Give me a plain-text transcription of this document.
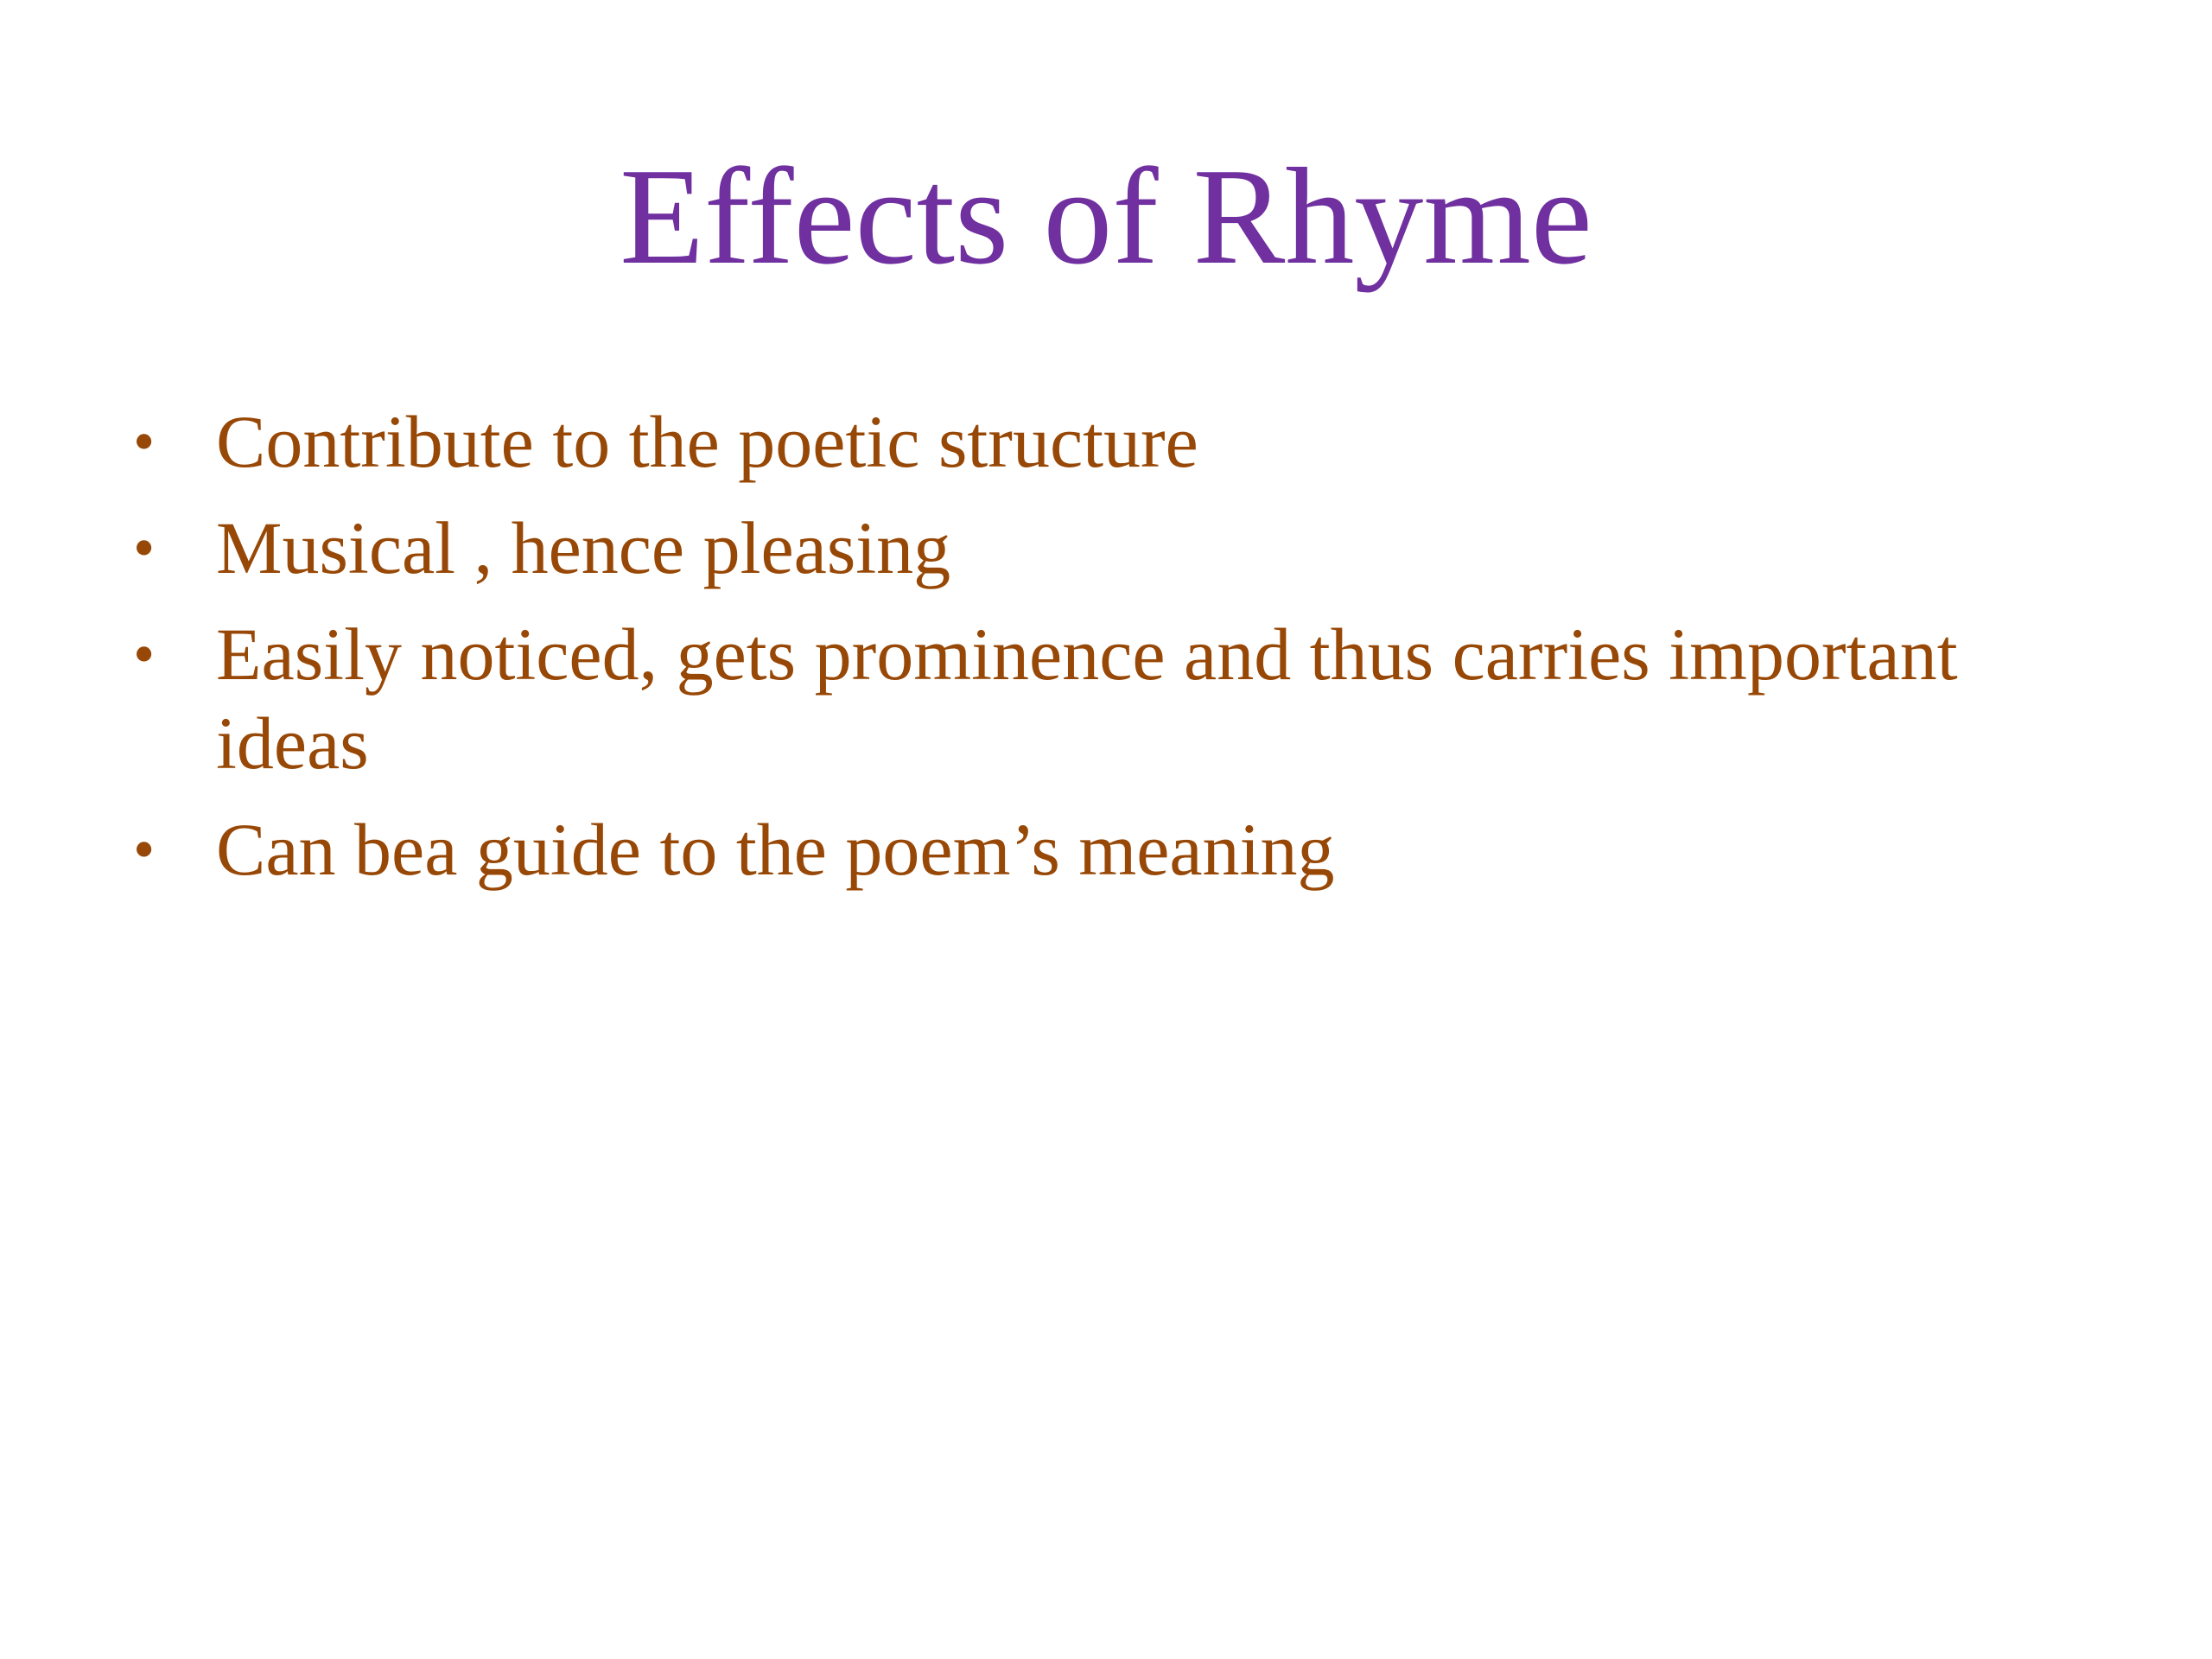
Effects of Rhyme
• Contribute to the poetic structure
• Musical , hence pleasing
• Easily noticed, gets prominence and thus carries important ideas
• Can bea guide to the poem’s meaning
